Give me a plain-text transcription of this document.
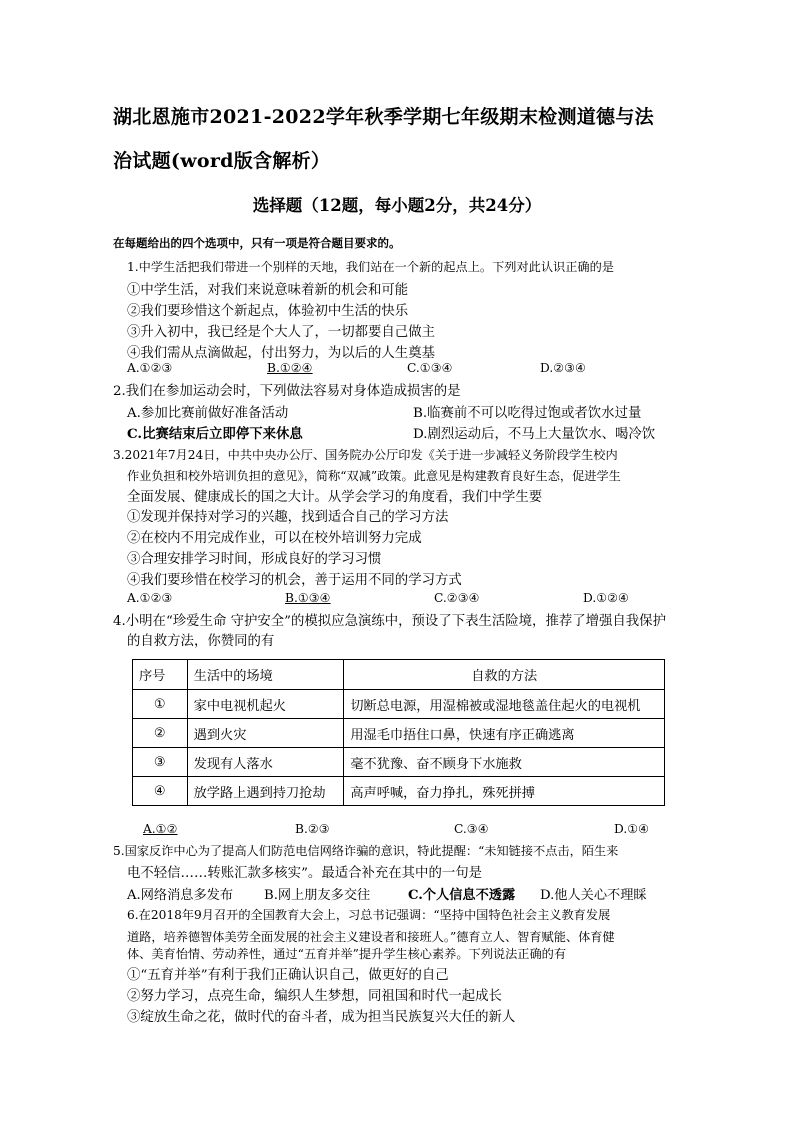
湖北恩施市2021-2022学年秋季学期七年级期末检测道德与法

治试题(word版含解析）

选择题（12题，每小题2分，共24分）

在每题给出的四个选项中，只有一项是符合题目要求的。

1.中学生活把我们带进一个别样的天地，我们站在一个新的起点上。下列对此认识正确的是

①中学生活，对我们来说意味着新的机会和可能

②我们要珍惜这个新起点，体验初中生活的快乐

③升入初中，我已经是个大人了，一切都要自己做主

④我们需从点滴做起，付出努力，为以后的人生奠基

A.①②③	B.①②④	C.①③④	D.②③④

2.我们在参加运动会时，下列做法容易对身体造成损害的是

A.参加比赛前做好准备活动	B.临赛前不可以吃得过饱或者饮水过量
C.比赛结束后立即停下来休息	D.剧烈运动后，不马上大量饮水、喝冷饮

3.2021年7月24日，中共中央办公厅、国务院办公厅印发《关于进一步减轻义务阶段学生校内

作业负担和校外培训负担的意见》，简称“双减”政策。此意见是构建教育良好生态，促进学生

全面发展、健康成长的国之大计。从学会学习的角度看，我们中学生要

①发现并保持对学习的兴趣，找到适合自己的学习方法

②在校内不用完成作业，可以在校外培训努力完成

③合理安排学习时间，形成良好的学习习惯

④我们要珍惜在校学习的机会，善于运用不同的学习方式

A.①②③	B.①③④	C.②③④	D.①②④

4.小明在“珍爱生命 守护安全”的模拟应急演练中，预设了下表生活险境，推荐了增强自我保护

的自救方法，你赞同的有

序号	生活中的场境	自救的方法
①	家中电视机起火	切断总电源，用湿棉被或湿地毯盖住起火的电视机
②	遇到火灾	用湿毛巾捂住口鼻，快速有序正确逃离
③	发现有人落水	毫不犹豫、奋不顾身下水施救
④	放学路上遇到持刀抢劫	高声呼喊，奋力挣扎，殊死拼搏
A.①②	B.②③	C.③④	D.①④

5.国家反诈中心为了提高人们防范电信网络诈骗的意识，特此提醒：“未知链接不点击，陌生来

电不轻信……转账汇款多核实”。最适合补充在其中的一句是

A.网络消息多发布 B.网上朋友多交往	C.个人信息不透露 D.他人关心不理睬

6.在2018年9月召开的全国教育大会上，习总书记强调：“坚持中国特色社会主义教育发展

道路，培养德智体美劳全面发展的社会主义建设者和接班人。”德育立人、智育赋能、体育健

体、美育怡情、劳动养性，通过“五育并举”提升学生核心素养。下列说法正确的有

①“五育并举”有利于我们正确认识自己，做更好的自己

②努力学习，点亮生命，编织人生梦想，同祖国和时代一起成长

③绽放生命之花，做时代的奋斗者，成为担当民族复兴大任的新人
